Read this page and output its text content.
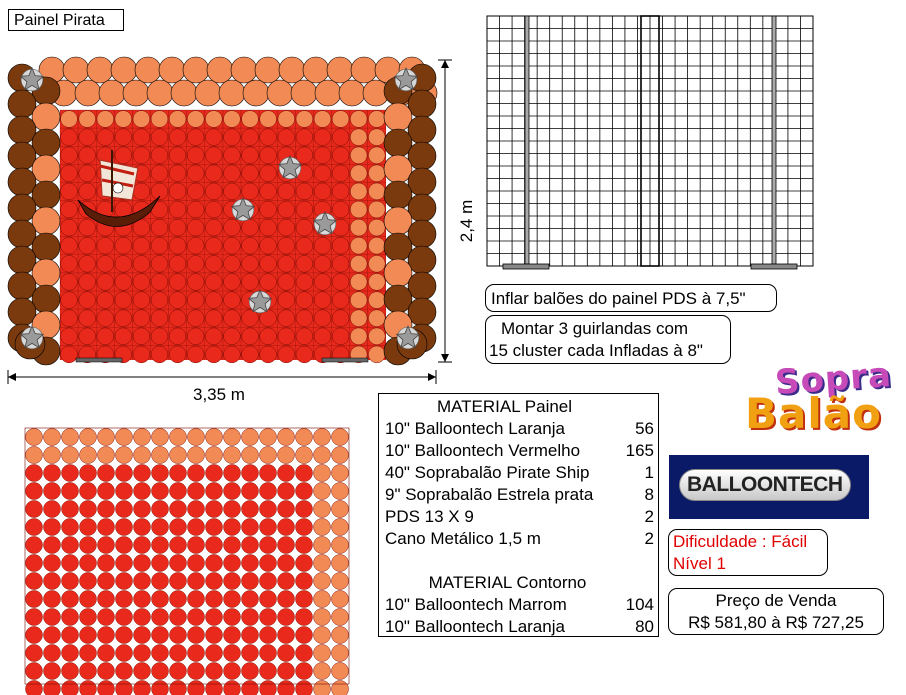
Painel Pirata
2,4 m
3,35 m
Inflar balões do painel PDS à 7,5"
Montar 3 guirlandas com
15 cluster cada Infladas à 8"
MATERIAL Painel
10" Balloontech Laranja	56
10" Balloontech Vermelho	165
40" Soprabalão Pirate Ship	1
9" Soprabalão Estrela prata	8
PDS 13 X 9	2
Cano Metálico 1,5 m	2
MATERIAL Contorno
10" Balloontech Marrom	104
10" Balloontech Laranja	80
Sopra
Balão
BALLOONTECH
Dificuldade : Fácil
Nível 1
Preço de Venda
R$ 581,80 à R$ 727,25
